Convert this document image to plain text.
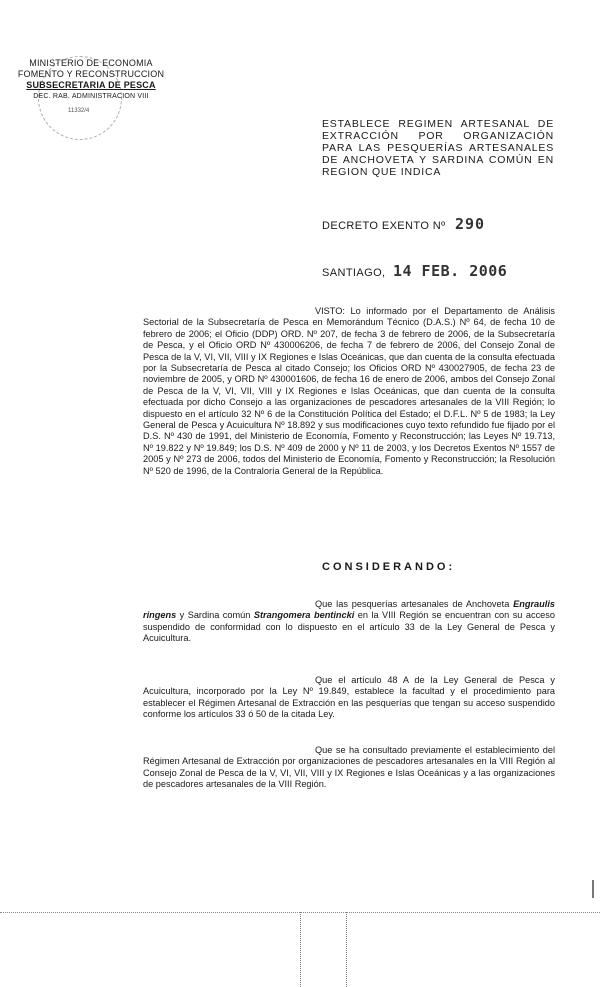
11332/4
MINISTERIO DE ECONOMIA
FOMENTO Y RECONSTRUCCION
SUBSECRETARIA DE PESCA
DEC. RAB. ADMINISTRACION VIII
ESTABLECE REGIMEN ARTESANAL DE EXTRACCIÓN POR ORGANIZACIÓN PARA LAS PESQUERÍAS ARTESANALES DE ANCHOVETA Y SARDINA COMÚN EN REGION QUE INDICA
DECRETO EXENTO Nº 290
SANTIAGO, 14 FEB. 2006
VISTO: Lo informado por el Departamento de Análisis Sectorial de la Subsecretaría de Pesca en Memorándum Técnico (D.A.S.) Nº 64, de fecha 10 de febrero de 2006; el Oficio (DDP) ORD. Nº 207, de fecha 3 de febrero de 2006, de la Subsecretaría de Pesca, y el Oficio ORD Nº 430006206, de fecha 7 de febrero de 2006, del Consejo Zonal de Pesca de la V, VI, VII, VIII y IX Regiones e Islas Oceánicas, que dan cuenta de la consulta efectuada por la Subsecretaría de Pesca al citado Consejo; los Oficios ORD Nº 430027905, de fecha 23 de noviembre de 2005, y ORD Nº 430001606, de fecha 16 de enero de 2006, ambos del Consejo Zonal de Pesca de la V, VI, VII, VIII y IX Regiones e Islas Oceánicas, que dan cuenta de la consulta efectuada por dicho Consejo a las organizaciones de pescadores artesanales de la VIII Región; lo dispuesto en el artículo 32 Nº 6 de la Constitución Política del Estado; el D.F.L. Nº 5 de 1983; la Ley General de Pesca y Acuicultura Nº 18.892 y sus modificaciones cuyo texto refundido fue fijado por el D.S. Nº 430 de 1991, del Ministerio de Economía, Fomento y Reconstrucción; las Leyes Nº 19.713, Nº 19.822 y Nº 19.849; los D.S. Nº 409 de 2000 y Nº 11 de 2003, y los Decretos Exentos Nº 1557 de 2005 y Nº 273 de 2006, todos del Ministerio de Economía, Fomento y Reconstrucción; la Resolución Nº 520 de 1996, de la Contraloría General de la República.
CONSIDERANDO:
Que las pesquerías artesanales de Anchoveta Engraulis ringens y Sardina común Strangomera bentincki en la VIII Región se encuentran con su acceso suspendido de conformidad con lo dispuesto en el artículo 33 de la Ley General de Pesca y Acuicultura.
Que el artículo 48 A de la Ley General de Pesca y Acuicultura, incorporado por la Ley Nº 19.849, establece la facultad y el procedimiento para establecer el Régimen Artesanal de Extracción en las pesquerías que tengan su acceso suspendido conforme los artículos 33 ó 50 de la citada Ley.
Que se ha consultado previamente el establecimiento del Régimen Artesanal de Extracción por organizaciones de pescadores artesanales en la VIII Región al Consejo Zonal de Pesca de la V, VI, VII, VIII y IX Regiones e Islas Oceánicas y a las organizaciones de pescadores artesanales de la VIII Región.
